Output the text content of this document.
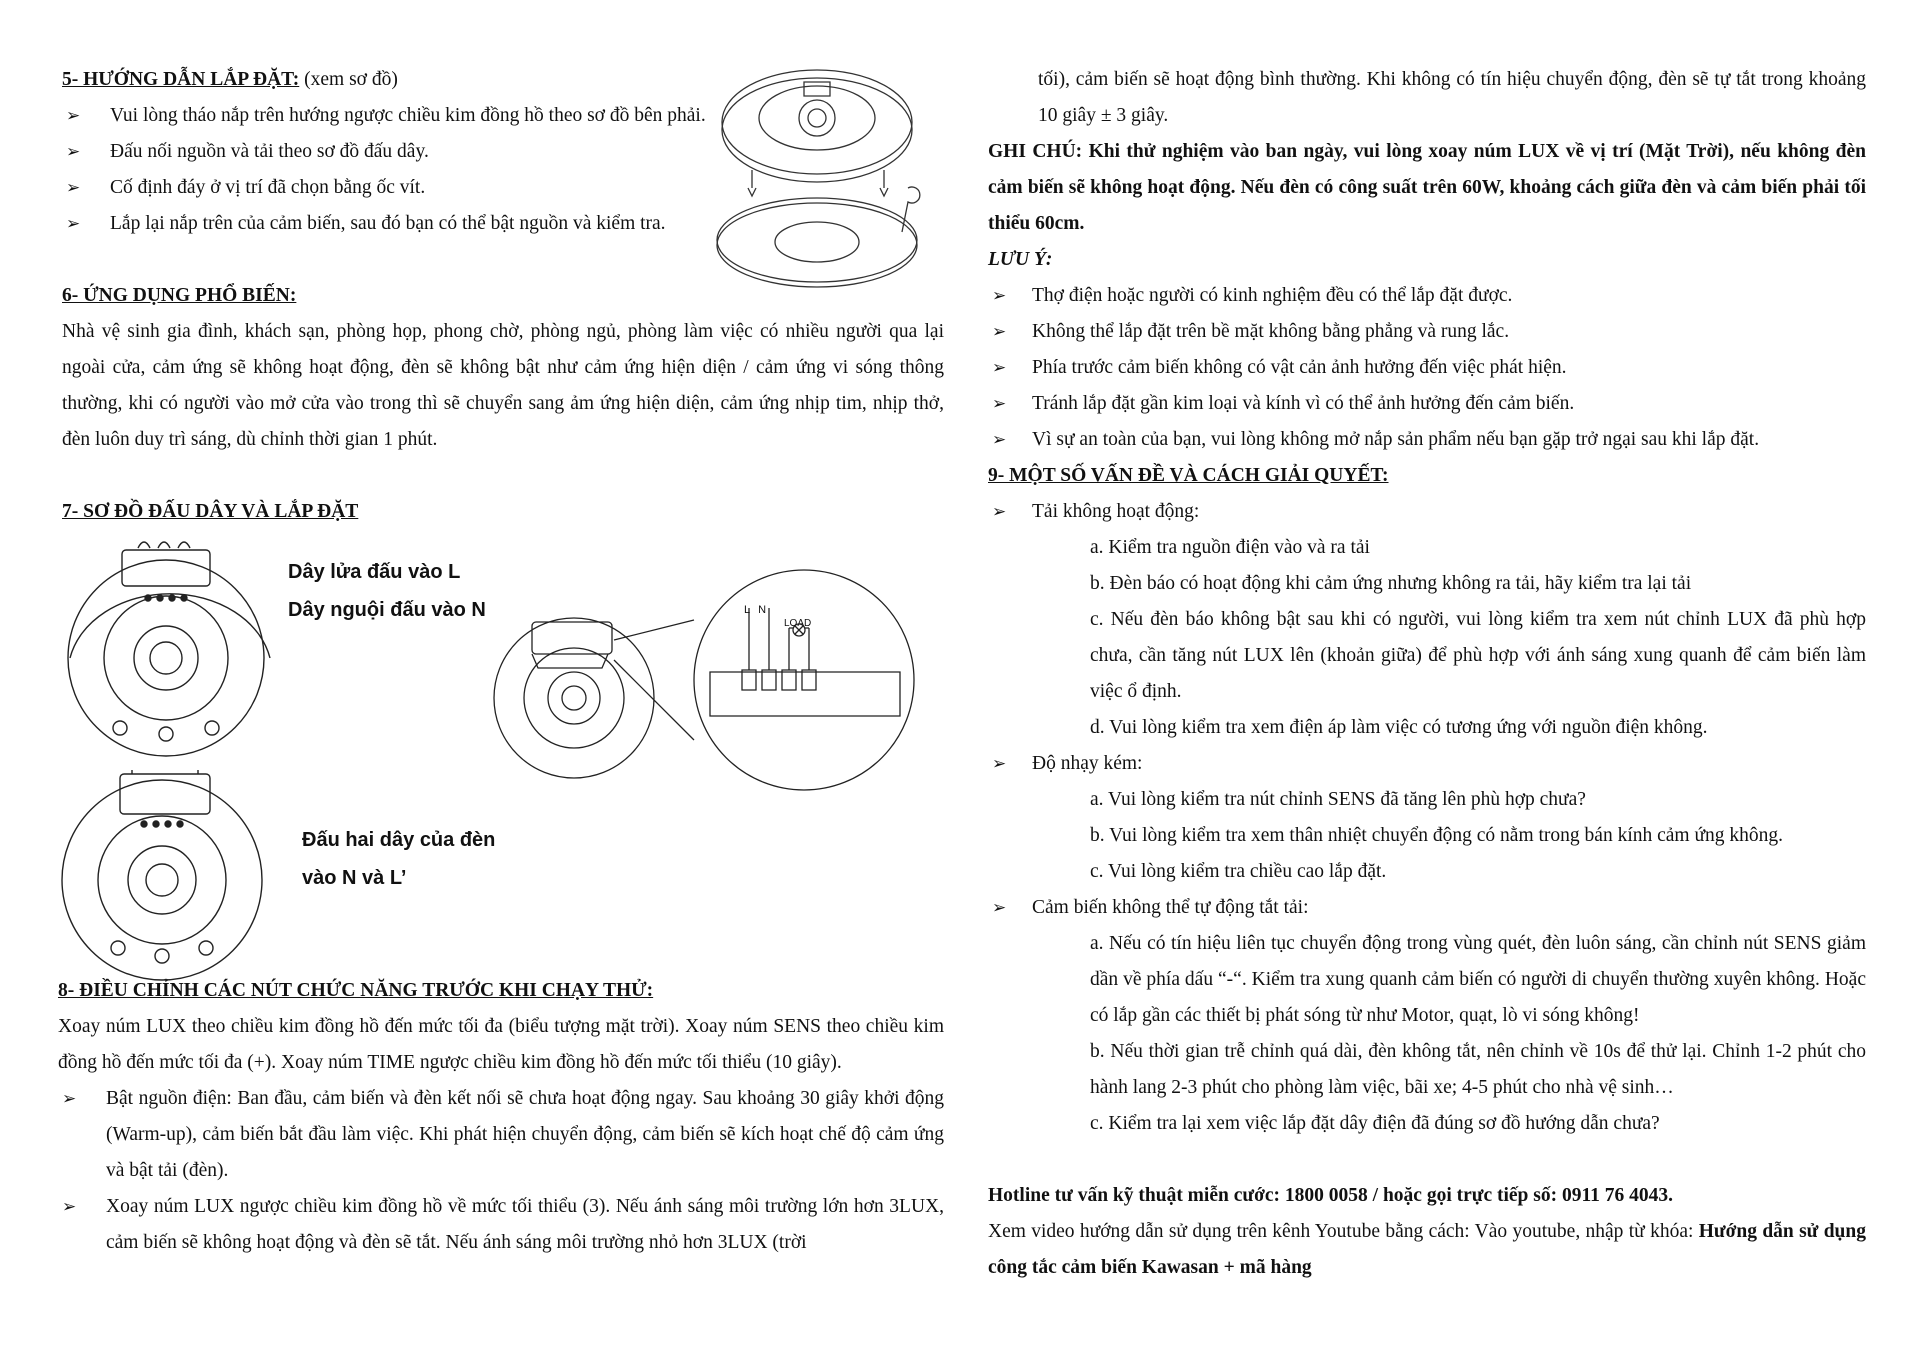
5- HƯỚNG DẪN LẮP ĐẶT: (xem sơ đồ)

➢ Vui lòng tháo nắp trên hướng ngược chiều kim đồng hồ theo sơ đồ bên phải.

➢ Đấu nối nguồn và tải theo sơ đồ đấu dây.

➢ Cố định đáy ở vị trí đã chọn bằng ốc vít.

➢ Lắp lại nắp trên của cảm biến, sau đó bạn có thể bật nguồn và kiểm tra.

6- ỨNG DỤNG PHỔ BIẾN:

Nhà vệ sinh gia đình, khách sạn, phòng họp, phong chờ, phòng ngủ, phòng làm việc có nhiều người qua lại ngoài cửa, cảm ứng sẽ không hoạt động, đèn sẽ không bật như cảm ứng hiện diện / cảm ứng vi sóng thông thường, khi có người vào mở cửa vào trong thì sẽ chuyển sang ảm ứng hiện diện, cảm ứng nhịp tim, nhịp thở, đèn luôn duy trì sáng, dù chỉnh thời gian 1 phút.

7- SƠ ĐỒ ĐẤU DÂY VÀ LẮP ĐẶT

Dây lửa đấu vào L
Dây nguội đấu vào N
Đấu hai dây của đèn
vào N và L’

8- ĐIỀU CHỈNH CÁC NÚT CHỨC NĂNG TRƯỚC KHI CHẠY THỬ:

Xoay núm LUX theo chiều kim đồng hồ đến mức tối đa (biểu tượng mặt trời). Xoay núm SENS theo chiều kim đồng hồ đến mức tối đa (+). Xoay núm TIME ngược chiều kim đồng hồ đến mức tối thiểu (10 giây).

➢ Bật nguồn điện: Ban đầu, cảm biến và đèn kết nối sẽ chưa hoạt động ngay. Sau khoảng 30 giây khởi động (Warm-up), cảm biến bắt đầu làm việc. Khi phát hiện chuyển động, cảm biến sẽ kích hoạt chế độ cảm ứng và bật tải (đèn).

➢ Xoay núm LUX ngược chiều kim đồng hồ về mức tối thiểu (3). Nếu ánh sáng môi trường lớn hơn 3LUX, cảm biến sẽ không hoạt động và đèn sẽ tắt. Nếu ánh sáng môi trường nhỏ hơn 3LUX (trời

tối), cảm biến sẽ hoạt động bình thường. Khi không có tín hiệu chuyển động, đèn sẽ tự tắt trong khoảng 10 giây ± 3 giây.

GHI CHÚ: Khi thử nghiệm vào ban ngày, vui lòng xoay núm LUX về vị trí (Mặt Trời), nếu không đèn cảm biến sẽ không hoạt động. Nếu đèn có công suất trên 60W, khoảng cách giữa đèn và cảm biến phải tối thiểu 60cm.

LƯU Ý:

➢ Thợ điện hoặc người có kinh nghiệm đều có thể lắp đặt được.

➢ Không thể lắp đặt trên bề mặt không bằng phẳng và rung lắc.

➢ Phía trước cảm biến không có vật cản ảnh hưởng đến việc phát hiện.

➢ Tránh lắp đặt gần kim loại và kính vì có thể ảnh hưởng đến cảm biến.

➢ Vì sự an toàn của bạn, vui lòng không mở nắp sản phẩm nếu bạn gặp trở ngại sau khi lắp đặt.

9- MỘT SỐ VẤN ĐỀ VÀ CÁCH GIẢI QUYẾT:

➢ Tải không hoạt động:

a. Kiểm tra nguồn điện vào và ra tải

b. Đèn báo có hoạt động khi cảm ứng nhưng không ra tải, hãy kiểm tra lại tải

c. Nếu đèn báo không bật sau khi có người, vui lòng kiểm tra xem nút chỉnh LUX đã phù hợp chưa, cần tăng nút LUX lên (khoản giữa) để phù hợp với ánh sáng xung quanh để cảm biến làm việc ổ định.

d. Vui lòng kiểm tra xem điện áp làm việc có tương ứng với nguồn điện không.

➢ Độ nhạy kém:

a. Vui lòng kiểm tra nút chỉnh SENS đã tăng lên phù hợp chưa?

b. Vui lòng kiểm tra xem thân nhiệt chuyển động có nằm trong bán kính cảm ứng không.

c. Vui lòng kiểm tra chiều cao lắp đặt.

➢ Cảm biến không thể tự động tắt tải:

a. Nếu có tín hiệu liên tục chuyển động trong vùng quét, đèn luôn sáng, cần chỉnh nút SENS giảm dần về phía dấu “-“. Kiểm tra xung quanh cảm biến có người di chuyển thường xuyên không. Hoặc có lắp gần các thiết bị phát sóng từ như Motor, quạt, lò vi sóng không!

b. Nếu thời gian trễ chỉnh quá dài, đèn không tắt, nên chỉnh về 10s để thử lại. Chỉnh 1-2 phút cho hành lang 2-3 phút cho phòng làm việc, bãi xe; 4-5 phút cho nhà vệ sinh…

c. Kiểm tra lại xem việc lắp đặt dây điện đã đúng sơ đồ hướng dẫn chưa?

Hotline tư vấn kỹ thuật miễn cước: 1800 0058 / hoặc gọi trực tiếp số: 0911 76 4043.

Xem video hướng dẫn sử dụng trên kênh Youtube bằng cách: Vào youtube, nhập từ khóa: Hướng dẫn sử dụng công tắc cảm biến Kawasan + mã hàng

LN
LOAD
